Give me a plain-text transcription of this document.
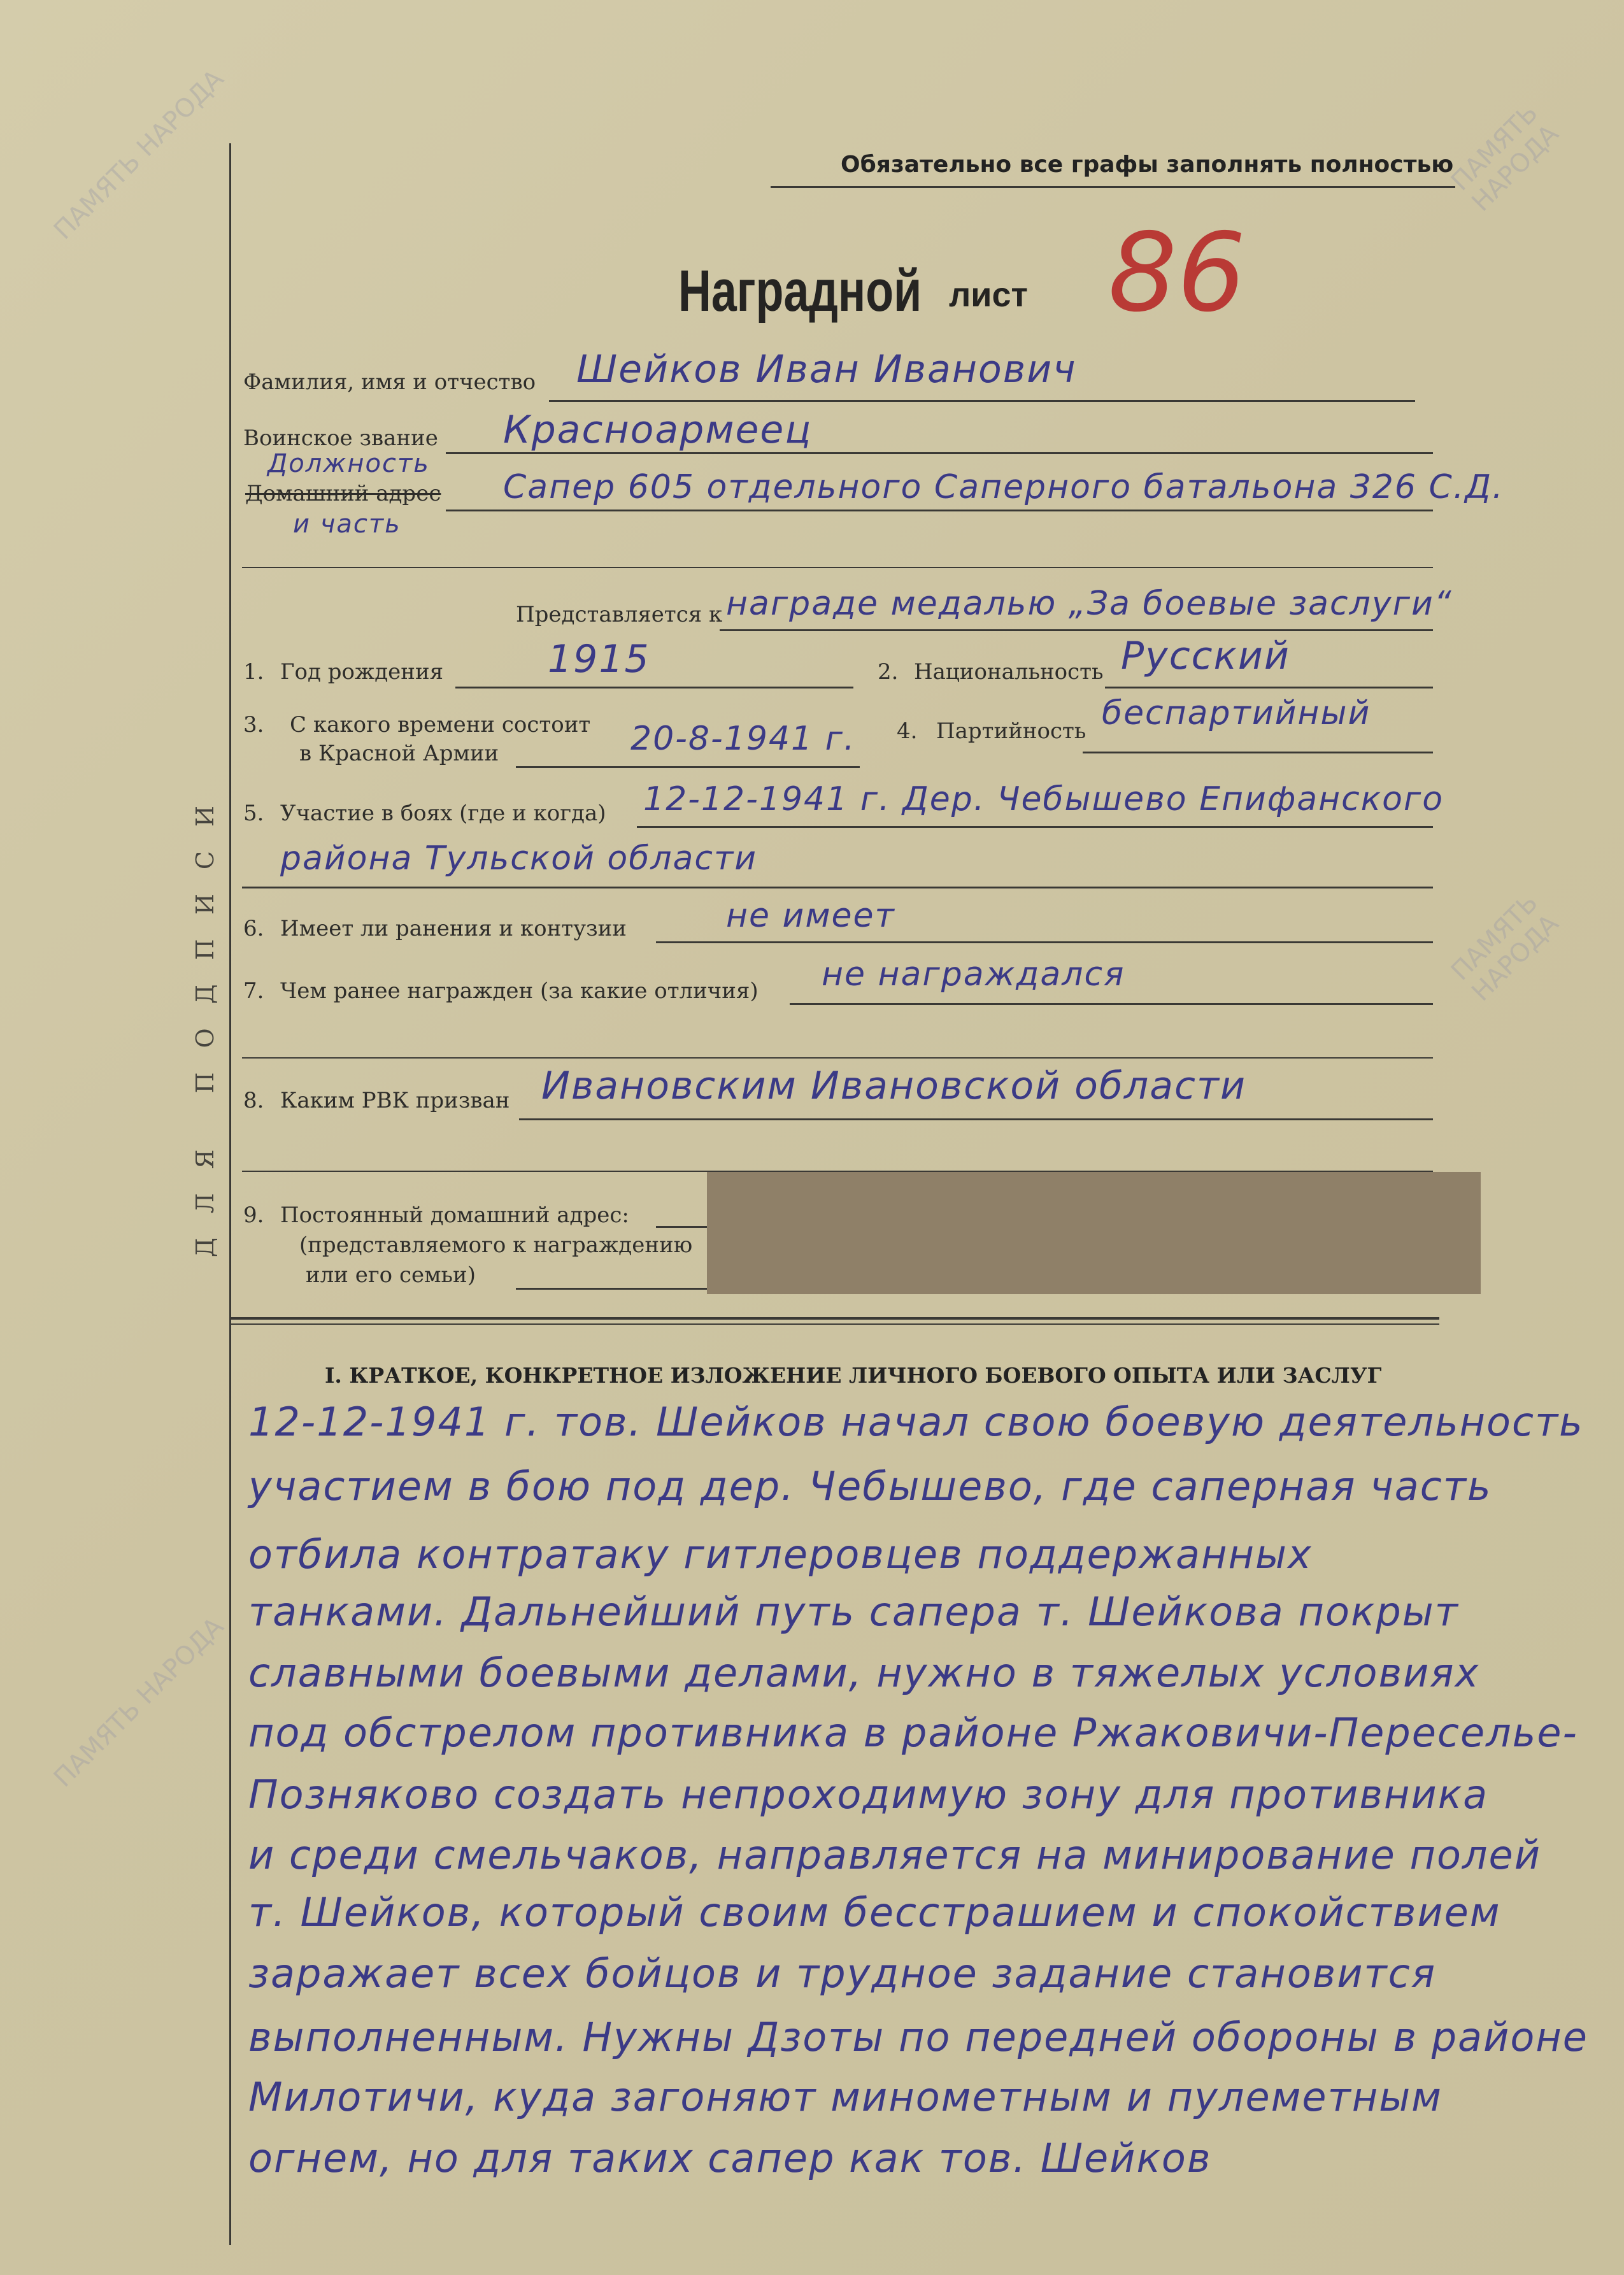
ПАМЯТЬ НАРОДА	ПАМЯТЬ НАРОДА
ПАМЯТЬ НАРОДА
ПАМЯТЬ НАРОДА
ДЛЯ ПОДПИСИ
Обязательно все графы заполнять полностью
86
Наградной лист
Фамилия, имя и отчество Шейков Иван Иванович
Воинское звание Красноармеец
Должность
Домашний адрес
и часть
Сапер 605 отдельного Саперного батальона 326 С.Д.
Представляется к награде медалью „За боевые заслуги“
1. Год рождения	1915	2. Национальность Русский
3. С какого времени состоит
в Красной Армии	20-8-1941 г. 4. Партийность беспартийный
5. Участие в боях (где и когда) 12-12-1941 г. Дер. Чебышево Епифанского
района Тульской области
6. Имеет ли ранения и контузии	не имеет
7. Чем ранее награжден (за какие отличия) не награждался
8. Каким РВК призван Ивановским Ивановской области
9. Постоянный домашний адрес:
(представляемого к награждению
или его семьи)
I. КРАТКОЕ, КОНКРЕТНОЕ ИЗЛОЖЕНИЕ ЛИЧНОГО БОЕВОГО ОПЫТА ИЛИ ЗАСЛУГ
12-12-1941 г. тов. Шейков начал свою боевую деятельность
участием в бою под дер. Чебышево, где саперная часть
отбила контратаку гитлеровцев поддержанных
танками. Дальнейший путь сапера т. Шейкова покрыт
славными боевыми делами, нужно в тяжелых условиях
под обстрелом противника в районе Ржаковичи-Переселье-
Позняково создать непроходимую зону для противника
и среди смельчаков, направляется на минирование полей
т. Шейков, который своим бесстрашием и спокойствием
заражает всех бойцов и трудное задание становится
выполненным. Нужны Дзоты по передней обороны в районе
Милотичи, куда загоняют минометным и пулеметным
огнем, но для таких сапер как тов. Шейков
